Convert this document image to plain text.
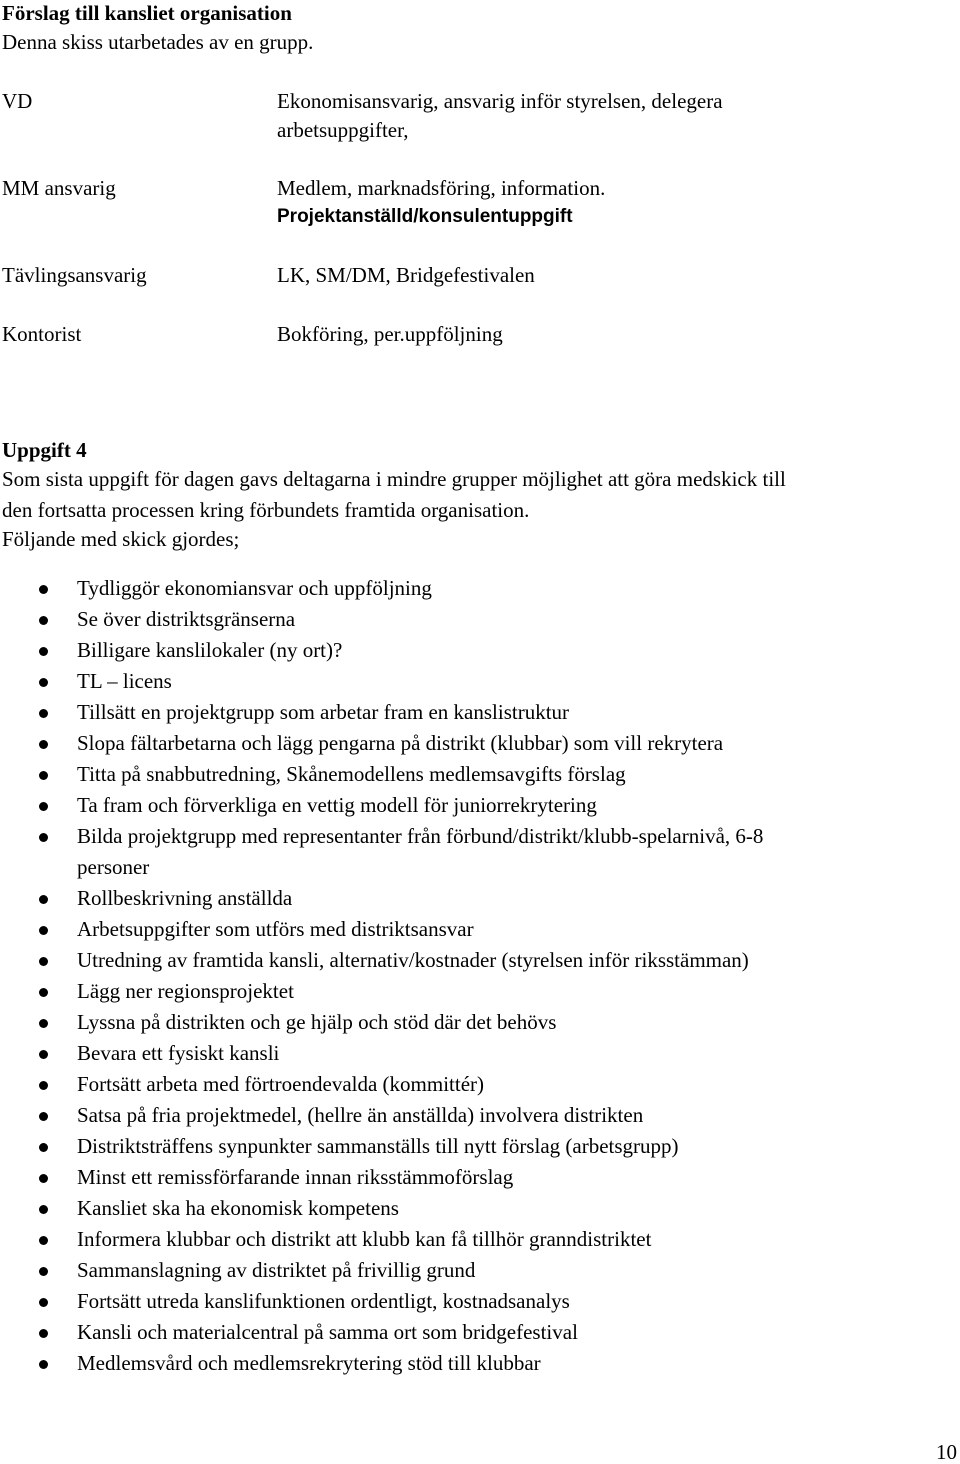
Förslag till kansliet organisation
Denna skiss utarbetades av en grupp.
VD	Ekonomisansvarig, ansvarig inför styrelsen, delegera
arbetsuppgifter,
MM ansvarig	Medlem, marknadsföring, information.
Projektanställd/konsulentuppgift
Tävlingsansvarig	LK, SM/DM, Bridgefestivalen
Kontorist	Bokföring, per.uppföljning
Uppgift 4
Som sista uppgift för dagen gavs deltagarna i mindre grupper möjlighet att göra medskick till
den fortsatta processen kring förbundets framtida organisation.
Följande med skick gjordes;
Tydliggör ekonomiansvar och uppföljning
Se över distriktsgränserna
Billigare kanslilokaler (ny ort)?
TL – licens
Tillsätt en projektgrupp som arbetar fram en kanslistruktur
Slopa fältarbetarna och lägg pengarna på distrikt (klubbar) som vill rekrytera
Titta på snabbutredning, Skånemodellens medlemsavgifts förslag
Ta fram och förverkliga en vettig modell för juniorrekrytering
Bilda projektgrupp med representanter från förbund/distrikt/klubb-spelarnivå, 6-8
personer
Rollbeskrivning anställda
Arbetsuppgifter som utförs med distriktsansvar
Utredning av framtida kansli, alternativ/kostnader (styrelsen inför riksstämman)
Lägg ner regionsprojektet
Lyssna på distrikten och ge hjälp och stöd där det behövs
Bevara ett fysiskt kansli
Fortsätt arbeta med förtroendevalda (kommittér)
Satsa på fria projektmedel, (hellre än anställda) involvera distrikten
Distriktsträffens synpunkter sammanställs till nytt förslag (arbetsgrupp)
Minst ett remissförfarande innan riksstämmoförslag
Kansliet ska ha ekonomisk kompetens
Informera klubbar och distrikt att klubb kan få tillhör granndistriktet
Sammanslagning av distriktet på frivillig grund
Fortsätt utreda kanslifunktionen ordentligt, kostnadsanalys
Kansli och materialcentral på samma ort som bridgefestival
Medlemsvård och medlemsrekrytering stöd till klubbar
10
